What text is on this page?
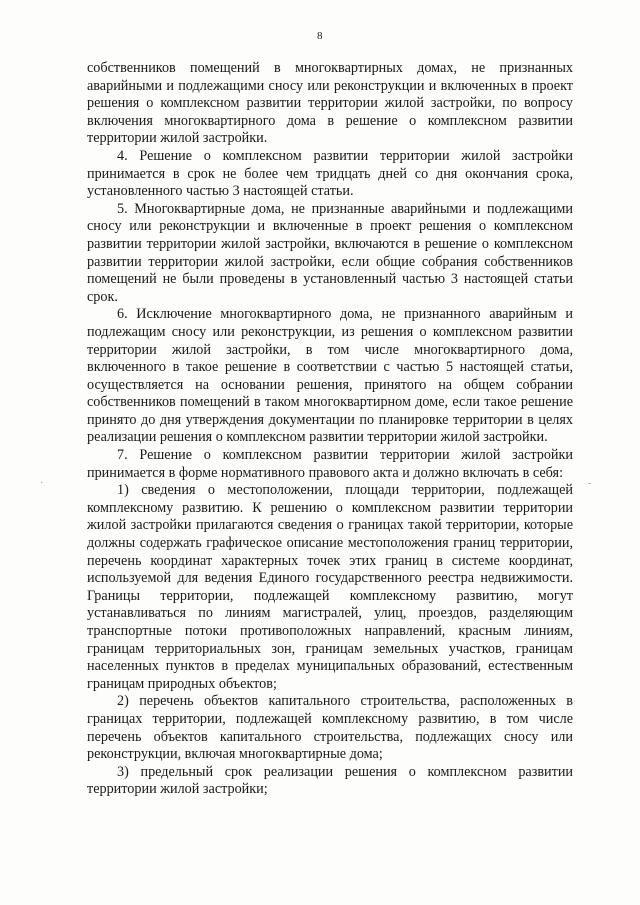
8

собственников помещений в многоквартирных домах, не признанных аварийными и подлежащими сносу или реконструкции и включенных в проект решения о комплексном развитии территории жилой застройки, по вопросу включения многоквартирного дома в решение о комплексном развитии территории жилой застройки.

4. Решение о комплексном развитии территории жилой застройки принимается в срок не более чем тридцать дней со дня окончания срока, установленного частью 3 настоящей статьи.

5. Многоквартирные дома, не признанные аварийными и подлежащими сносу или реконструкции и включенные в проект решения о комплексном развитии территории жилой застройки, включаются в решение о комплексном развитии территории жилой застройки, если общие собрания собственников помещений не были проведены в установленный частью 3 настоящей статьи срок.

6. Исключение многоквартирного дома, не признанного аварийным и подлежащим сносу или реконструкции, из решения о комплексном развитии территории жилой застройки, в том числе многоквартирного дома, включенного в такое решение в соответствии с частью 5 настоящей статьи, осуществляется на основании решения, принятого на общем собрании собственников помещений в таком многоквартирном доме, если такое решение принято до дня утверждения документации по планировке территории в целях реализации решения о комплексном развитии территории жилой застройки.

7. Решение о комплексном развитии территории жилой застройки принимается в форме нормативного правового акта и должно включать в себя:

1) сведения о местоположении, площади территории, подлежащей комплексному развитию. К решению о комплексном развитии территории жилой застройки прилагаются сведения о границах такой территории, которые должны содержать графическое описание местоположения границ территории, перечень координат характерных точек этих границ в системе координат, используемой для ведения Единого государственного реестра недвижимости. Границы территории, подлежащей комплексному развитию, могут устанавливаться по линиям магистралей, улиц, проездов, разделяющим транспортные потоки противоположных направлений, красным линиям, границам территориальных зон, границам земельных участков, границам населенных пунктов в пределах муниципальных образований, естественным границам природных объектов;

2) перечень объектов капитального строительства, расположенных в границах территории, подлежащей комплексному развитию, в том числе перечень объектов капитального строительства, подлежащих сносу или реконструкции, включая многоквартирные дома;

3) предельный срок реализации решения о комплексном развитии территории жилой застройки;

-
·
